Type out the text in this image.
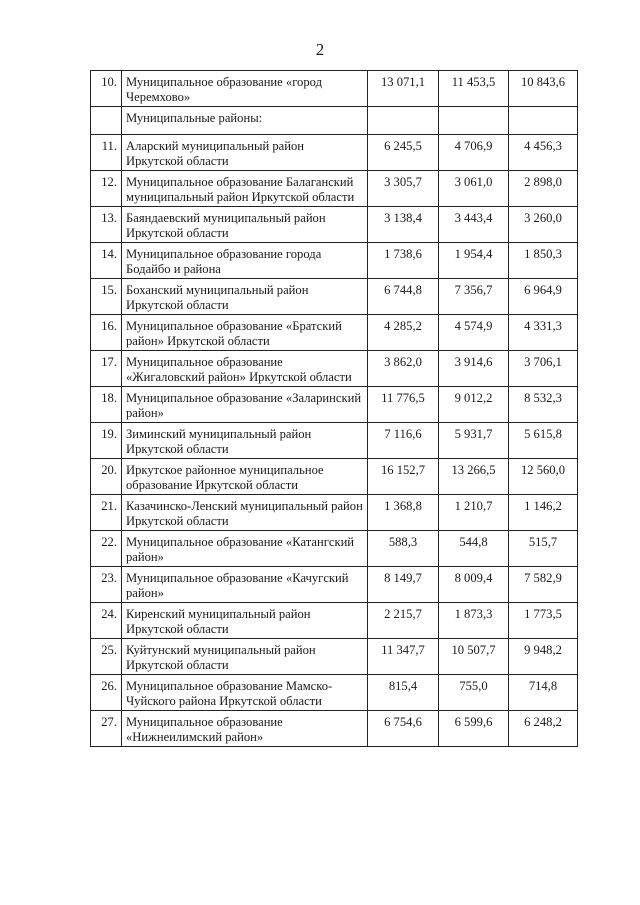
2
10.	Муниципальное образование «город Черемхово»	13 071,1	11 453,5	10 843,6
	Муниципальные районы:			
11.	Аларский муниципальный район Иркутской области	6 245,5	4 706,9	4 456,3
12.	Муниципальное образование Балаганский муниципальный район Иркутской области	3 305,7	3 061,0	2 898,0
13.	Баяндаевский муниципальный район Иркутской области	3 138,4	3 443,4	3 260,0
14.	Муниципальное образование города Бодайбо и района	1 738,6	1 954,4	1 850,3
15.	Боханский муниципальный район Иркутской области	6 744,8	7 356,7	6 964,9
16.	Муниципальное образование «Братский район» Иркутской области	4 285,2	4 574,9	4 331,3
17.	Муниципальное образование «Жигаловский район» Иркутской области	3 862,0	3 914,6	3 706,1
18.	Муниципальное образование «Заларинский район»	11 776,5	9 012,2	8 532,3
19.	Зиминский муниципальный район Иркутской области	7 116,6	5 931,7	5 615,8
20.	Иркутское районное муниципальное образование Иркутской области	16 152,7	13 266,5	12 560,0
21.	Казачинско-Ленский муниципальный район Иркутской области	1 368,8	1 210,7	1 146,2
22.	Муниципальное образование «Катангский район»	588,3	544,8	515,7
23.	Муниципальное образование «Качугский район»	8 149,7	8 009,4	7 582,9
24.	Киренский муниципальный район Иркутской области	2 215,7	1 873,3	1 773,5
25.	Куйтунский муниципальный район Иркутской области	11 347,7	10 507,7	9 948,2
26.	Муниципальное образование Мамско-Чуйского района Иркутской области	815,4	755,0	714,8
27.	Муниципальное образование «Нижнеилимский район»	6 754,6	6 599,6	6 248,2
